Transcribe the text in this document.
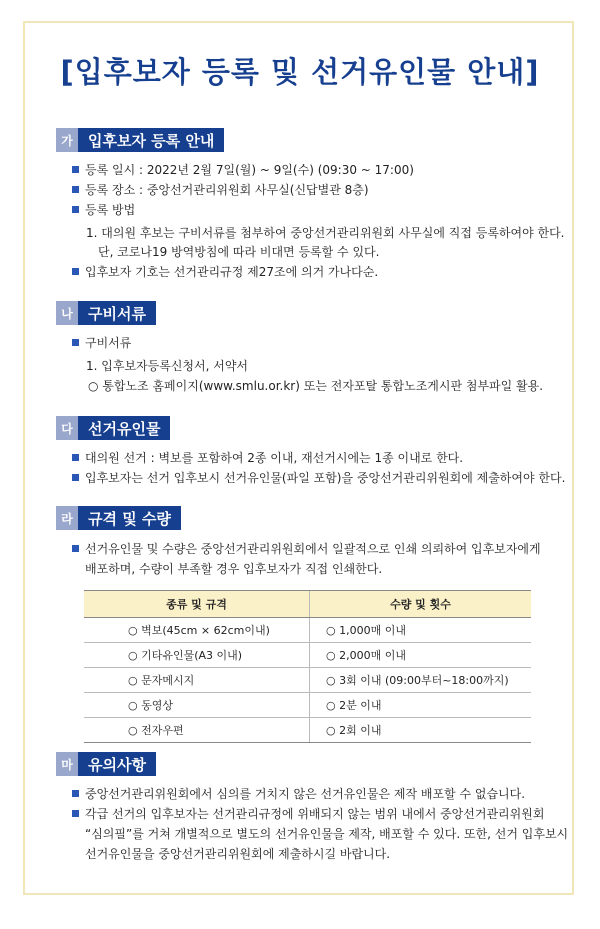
[입후보자 등록 및 선거유인물 안내]
가	입후보자 등록 안내
등록 일시 : 2022년 2월 7일(월) ~ 9일(수) (09:30 ~ 17:00)
등록 장소 : 중앙선거관리위원회 사무실(신답별관 8층)
등록 방법
1. 대의원 후보는 구비서류를 첨부하여 중앙선거관리위원회 사무실에 직접 등록하여야 한다.
단, 코로나19 방역방침에 따라 비대면 등록할 수 있다.
입후보자 기호는 선거관리규정 제27조에 의거 가나다순.
나	구비서류
구비서류
1. 입후보자등록신청서, 서약서
○ 통합노조 홈페이지(www.smlu.or.kr) 또는 전자포탈 통합노조게시판 첨부파일 활용.
다	선거유인물
대의원 선거 : 벽보를 포함하여 2종 이내, 재선거시에는 1종 이내로 한다.
입후보자는 선거 입후보시 선거유인물(파일 포함)을 중앙선거관리위원회에 제출하여야 한다.
라	규격 및 수량
선거유인물 및 수량은 중앙선거관리위원회에서 일괄적으로 인쇄 의뢰하여 입후보자에게
배포하며, 수량이 부족할 경우 입후보자가 직접 인쇄한다.
종류 및 규격	수량 및 횟수
○ 벽보(45cm × 62cm이내)	○ 1,000매 이내
○ 기타유인물(A3 이내)	○ 2,000매 이내
○ 문자메시지	○ 3회 이내 (09:00부터~18:00까지)
○ 동영상	○ 2분 이내
○ 전자우편	○ 2회 이내
마	유의사항
중앙선거관리위원회에서 심의를 거치지 않은 선거유인물은 제작 배포할 수 없습니다.
각급 선거의 입후보자는 선거관리규정에 위배되지 않는 범위 내에서 중앙선거관리위원회
“심의필”를 거쳐 개별적으로 별도의 선거유인물을 제작, 배포할 수 있다. 또한, 선거 입후보시
선거유인물을 중앙선거관리위원회에 제출하시길 바랍니다.
